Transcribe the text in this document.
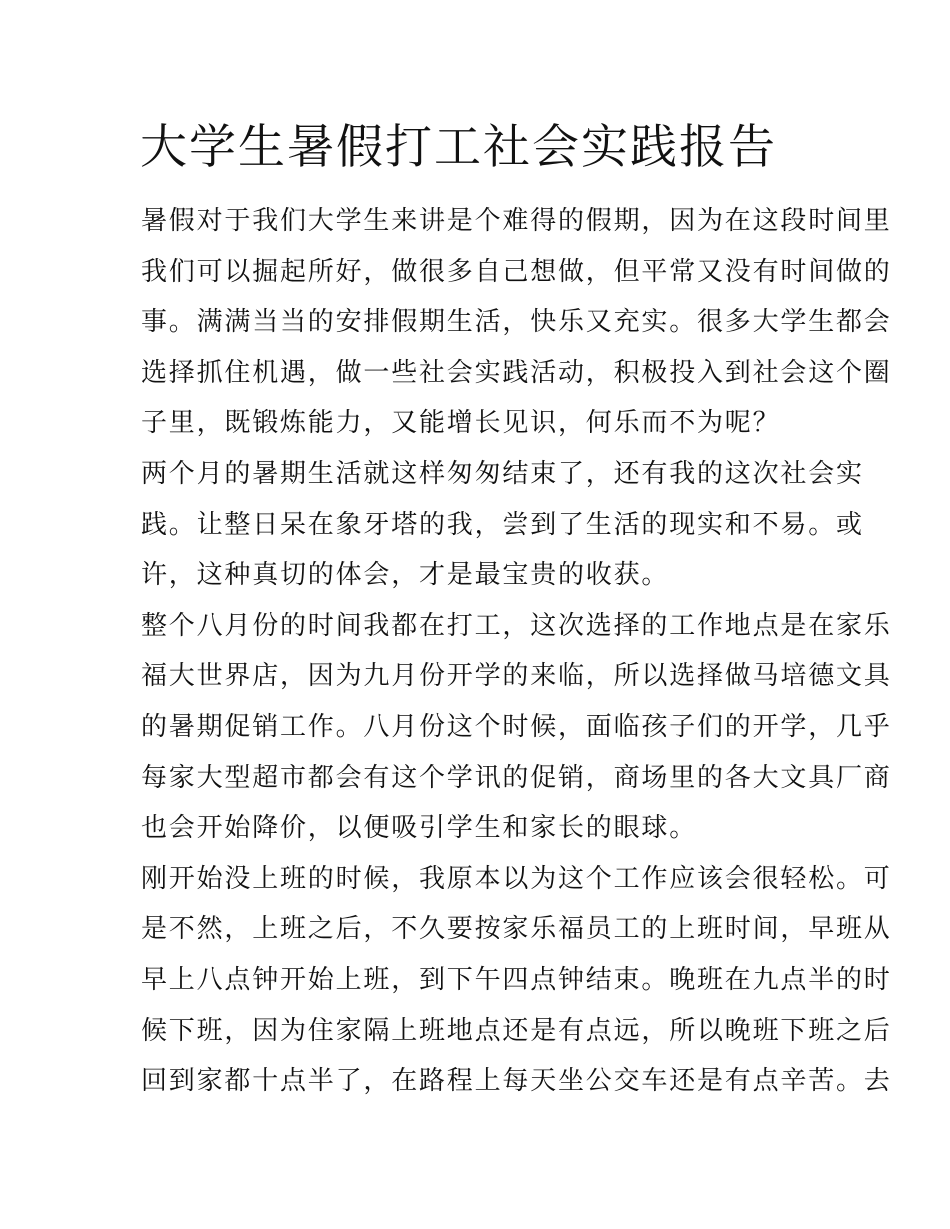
大学生暑假打工社会实践报告
暑假对于我们大学生来讲是个难得的假期，因为在这段时间里
我们可以掘起所好，做很多自己想做，但平常又没有时间做的
事。满满当当的安排假期生活，快乐又充实。很多大学生都会
选择抓住机遇，做一些社会实践活动，积极投入到社会这个圈
子里，既锻炼能力，又能增长见识，何乐而不为呢？
两个月的暑期生活就这样匆匆结束了，还有我的这次社会实
践。让整日呆在象牙塔的我，尝到了生活的现实和不易。或
许，这种真切的体会，才是最宝贵的收获。
整个八月份的时间我都在打工，这次选择的工作地点是在家乐
福大世界店，因为九月份开学的来临，所以选择做马培德文具
的暑期促销工作。八月份这个时候，面临孩子们的开学，几乎
每家大型超市都会有这个学讯的促销，商场里的各大文具厂商
也会开始降价，以便吸引学生和家长的眼球。
刚开始没上班的时候，我原本以为这个工作应该会很轻松。可
是不然，上班之后，不久要按家乐福员工的上班时间，早班从
早上八点钟开始上班，到下午四点钟结束。晚班在九点半的时
候下班，因为住家隔上班地点还是有点远，所以晚班下班之后
回到家都十点半了，在路程上每天坐公交车还是有点辛苦。去
